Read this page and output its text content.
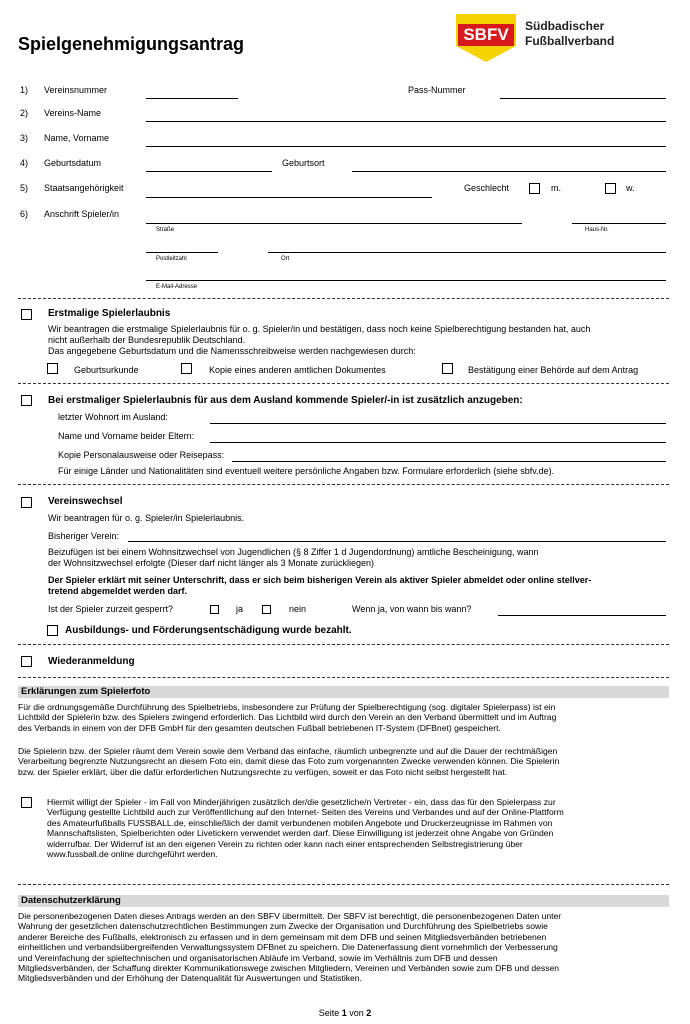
Spielgenehmigungsantrag	SBFV	Südbadischer
Fußballverband
1) Vereinsnummer	Pass-Nummer
2) Vereins-Name
3) Name, Vorname
4) Geburtsdatum	Geburtsort
5) Staatsangehörigkeit	Geschlecht	m.	w.
6) Anschrift Spieler/in
Straße	Haus-Nr.
Postleitzahl	Ort
E-Mail-Adresse
Erstmalige Spielerlaubnis
Wir beantragen die erstmalige Spielerlaubnis für o. g. Spieler/in und bestätigen, dass noch keine Spielberechtigung bestanden hat, auch
nicht außerhalb der Bundesrepublik Deutschland.
Das angegebene Geburtsdatum und die Namensschreibweise werden nachgewiesen durch:
Geburtsurkunde	Kopie eines anderen amtlichen Dokumentes	Bestätigung einer Behörde auf dem Antrag
Bei erstmaliger Spielerlaubnis für aus dem Ausland kommende Spieler/-in ist zusätzlich anzugeben:
letzter Wohnort im Ausland:
Name und Vorname beider Eltern:
Kopie Personalausweise oder Reisepass:
Für einige Länder und Nationalitäten sind eventuell weitere persönliche Angaben bzw. Formulare erforderlich (siehe sbfv.de).
Vereinswechsel
Wir beantragen für o. g. Spieler/in Spielerlaubnis.
Bisheriger Verein:
Beizufügen ist bei einem Wohnsitzwechsel von Jugendlichen (§ 8 Ziffer 1 d Jugendordnung) amtliche Bescheinigung, wann
der Wohnsitzwechsel erfolgte (Dieser darf nicht länger als 3 Monate zurückliegen)
Der Spieler erklärt mit seiner Unterschrift, dass er sich beim bisherigen Verein als aktiver Spieler abmeldet oder online stellver-
tretend abgemeldet werden darf.
Ist der Spieler zurzeit gesperrt?	ja	nein	Wenn ja, von wann bis wann?
Ausbildungs- und Förderungsentschädigung wurde bezahlt.
Wiederanmeldung
Erklärungen zum Spielerfoto
Für die ordnungsgemäße Durchführung des Spielbetriebs, insbesondere zur Prüfung der Spielberechtigung (sog. digitaler Spielerpass) ist ein
Lichtbild der Spielerin bzw. des Spielers zwingend erforderlich. Das Lichtbild wird durch den Verein an den Verband übermittelt und im Auftrag
des Verbands in einem von der DFB GmbH für den gesamten deutschen Fußball betriebenen IT-System (DFBnet) gespeichert.
Die Spielerin bzw. der Spieler räumt dem Verein sowie dem Verband das einfache, räumlich unbegrenzte und auf die Dauer der rechtmäßigen
Verarbeitung begrenzte Nutzungsrecht an diesem Foto ein, damit diese das Foto zum vorgenannten Zwecke verwenden können. Die Spielerin
bzw. der Spieler erklärt, über die dafür erforderlichen Nutzungsrechte zu verfügen, soweit er das Foto nicht selbst hergestellt hat.
Hiermit willigt der Spieler - im Fall von Minderjährigen zusätzlich der/die gesetzliche/n Vertreter - ein, dass das für den Spielerpass zur
Verfügung gestellte Lichtbild auch zur Veröffentlichung auf den Internet- Seiten des Vereins und Verbandes und auf der Online-Plattform
des Amateurfußballs FUSSBALL.de, einschließlich der damit verbundenen mobilen Angebote und Druckerzeugnisse im Rahmen von
Mannschaftslisten, Spielberichten oder Livetickern verwendet werden darf. Diese Einwilligung ist jederzeit ohne Angabe von Gründen
widerrufbar. Der Widerruf ist an den eigenen Verein zu richten oder kann nach einer entsprechenden Selbstregistrierung über
www.fussball.de online durchgeführt werden.
Datenschutzerklärung
Die personenbezogenen Daten dieses Antrags werden an den SBFV übermittelt. Der SBFV ist berechtigt, die personenbezogenen Daten unter
Wahrung der gesetzlichen datenschutzrechtlichen Bestimmungen zum Zwecke der Organisation und Durchführung des Spielbetriebs sowie
anderer Bereiche des Fußballs, elektronisch zu erfassen und in dem gemeinsam mit dem DFB und seinen Mitgliedsverbänden betriebenen
einheitlichen und verbandsübergreifenden Verwaltungssystem DFBnet zu speichern. Die Datenerfassung dient vornehmlich der Verbesserung
und Vereinfachung der spieltechnischen und organisatorischen Abläufe im Verband, sowie im Verhältnis zum DFB und dessen
Mitgliedsverbänden, der Schaffung direkter Kommunikationswege zwischen Mitgliedern, Vereinen und Verbänden sowie zum DFB und dessen
Mitgliedsverbänden und der Erhöhung der Datenqualität für Auswertungen und Statistiken.
Seite 1 von 2
